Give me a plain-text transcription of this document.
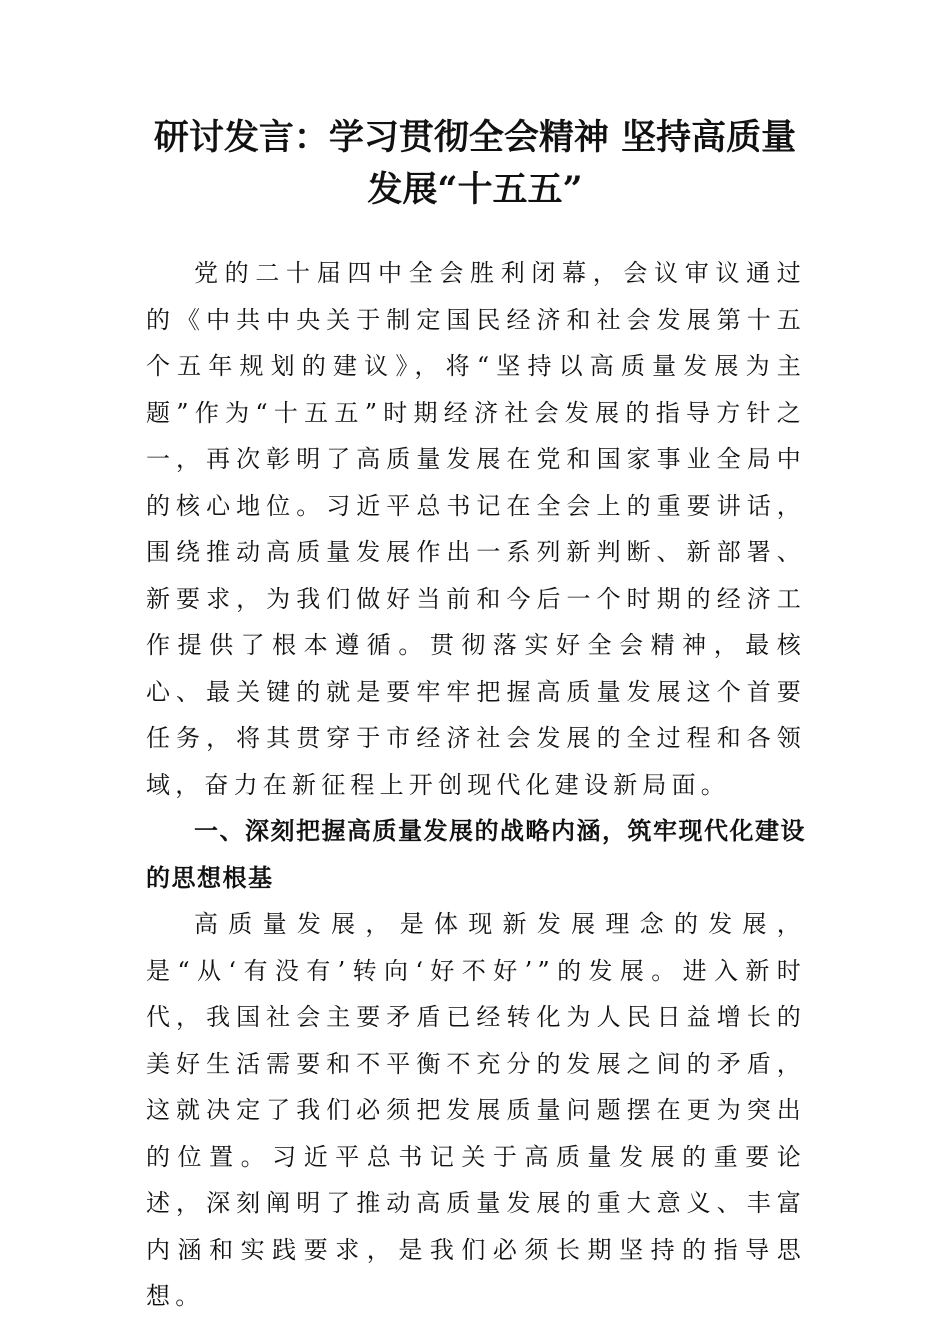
研讨发言：学习贯彻全会精神 坚持高质量
发展“十五五”

党的二十届四中全会胜利闭幕，会议审议通过的《中共中央关于制定国民经济和社会发展第十五个五年规划的建议》，将“坚持以高质量发展为主题”作为“十五五”时期经济社会发展的指导方针之一，再次彰明了高质量发展在党和国家事业全局中的核心地位。习近平总书记在全会上的重要讲话，围绕推动高质量发展作出一系列新判断、新部署、新要求，为我们做好当前和今后一个时期的经济工作提供了根本遵循。贯彻落实好全会精神，最核心、最关键的就是要牢牢把握高质量发展这个首要任务，将其贯穿于市经济社会发展的全过程和各领域，奋力在新征程上开创现代化建设新局面。

一、深刻把握高质量发展的战略内涵，筑牢现代化建设的思想根基

高质量发展，是体现新发展理念的发展，是“从‘有没有’转向‘好不好’”的发展。进入新时代，我国社会主要矛盾已经转化为人民日益增长的美好生活需要和不平衡不充分的发展之间的矛盾，这就决定了我们必须把发展质量问题摆在更为突出的位置。习近平总书记关于高质量发展的重要论述，深刻阐明了推动高质量发展的重大意义、丰富内涵和实践要求，是我们必须长期坚持的指导思想。
